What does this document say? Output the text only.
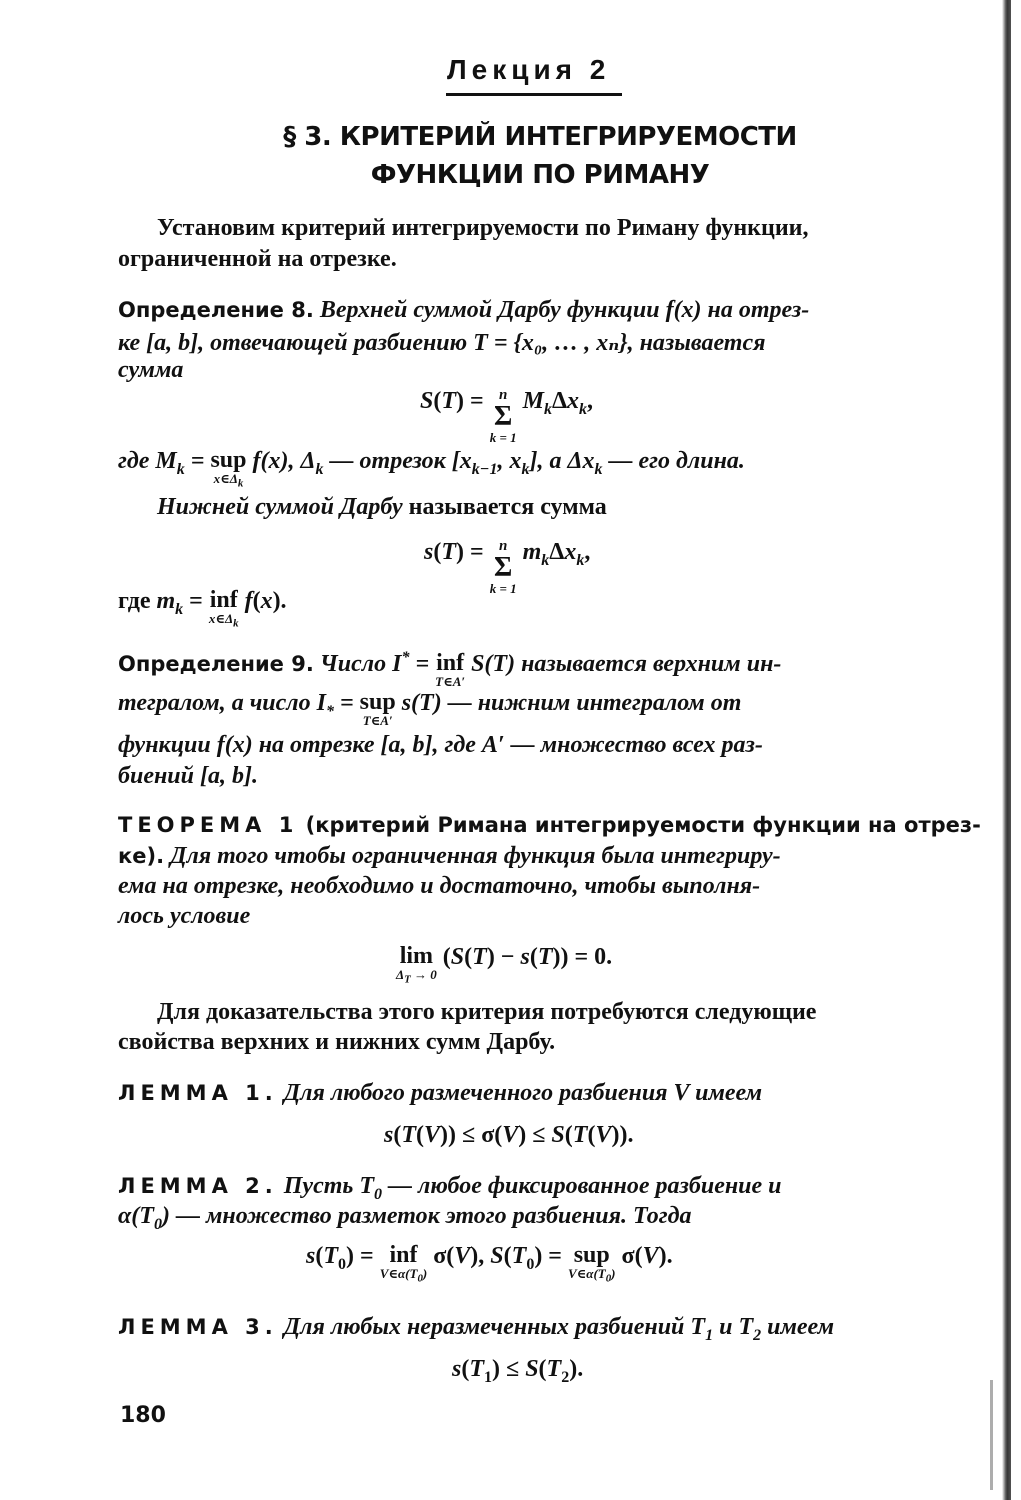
Лекция 2
§ 3. КРИТЕРИЙ ИНТЕГРИРУЕМОСТИ
ФУНКЦИИ ПО РИМАНУ
Установим критерий интегрируемости по Риману функции,
ограниченной на отрезке.
Определение 8. Верхней суммой Дарбу функции f(x) на отрез-
ке [a, b], отвечающей разбиению T = {x₀, … , xₙ}, называется
сумма
S(T) = n
Σ
k = 1
$M_k\Delta x_k$,
где $M_k$ = sup
$x\in\Delta_k$
f(x), $\Delta_k$ — отрезок [$x_{k-1}$, $x_k$], а $\Delta x_k$ — его длина.
Нижней суммой Дарбу называется сумма
s(T) = n
Σ
k = 1
$m_k\Delta x_k$,
где $m_k$ = inf
$x\in\Delta_k$
f(x).
Определение 9. Число I* = inf
T∈A′
S(T) называется верхним ин-
тегралом, а число $I_*$ = sup
T∈A′
s(T) — нижним интегралом от
функции f(x) на отрезке [a, b], где A′ — множество всех раз-
биений [a, b].
ТЕОРЕМА 1 (критерий Римана интегрируемости функции на отрез-
ке). Для того чтобы ограниченная функция была интегриру-
ема на отрезке, необходимо и достаточно, чтобы выполня-
лось условие
lim
$\Delta_T \to 0$
(S(T) − s(T)) = 0.
Для доказательства этого критерия потребуются следующие
свойства верхних и нижних сумм Дарбу.
ЛЕММА 1. Для любого размеченного разбиения V имеем
s(T(V)) ≤ σ(V) ≤ S(T(V)).
ЛЕММА 2. Пусть $T_0$ — любое фиксированное разбиение и
$\alpha(T_0)$ — множество разметок этого разбиения. Тогда
$s(T_0)$ = inf
$V\in\alpha(T_0)$
σ(V), $S(T_0)$ = sup
$V\in\alpha(T_0)$
σ(V).
ЛЕММА 3. Для любых неразмеченных разбиений $T_1$ и $T_2$ имеем
$s(T_1) \le S(T_2)$.
180
